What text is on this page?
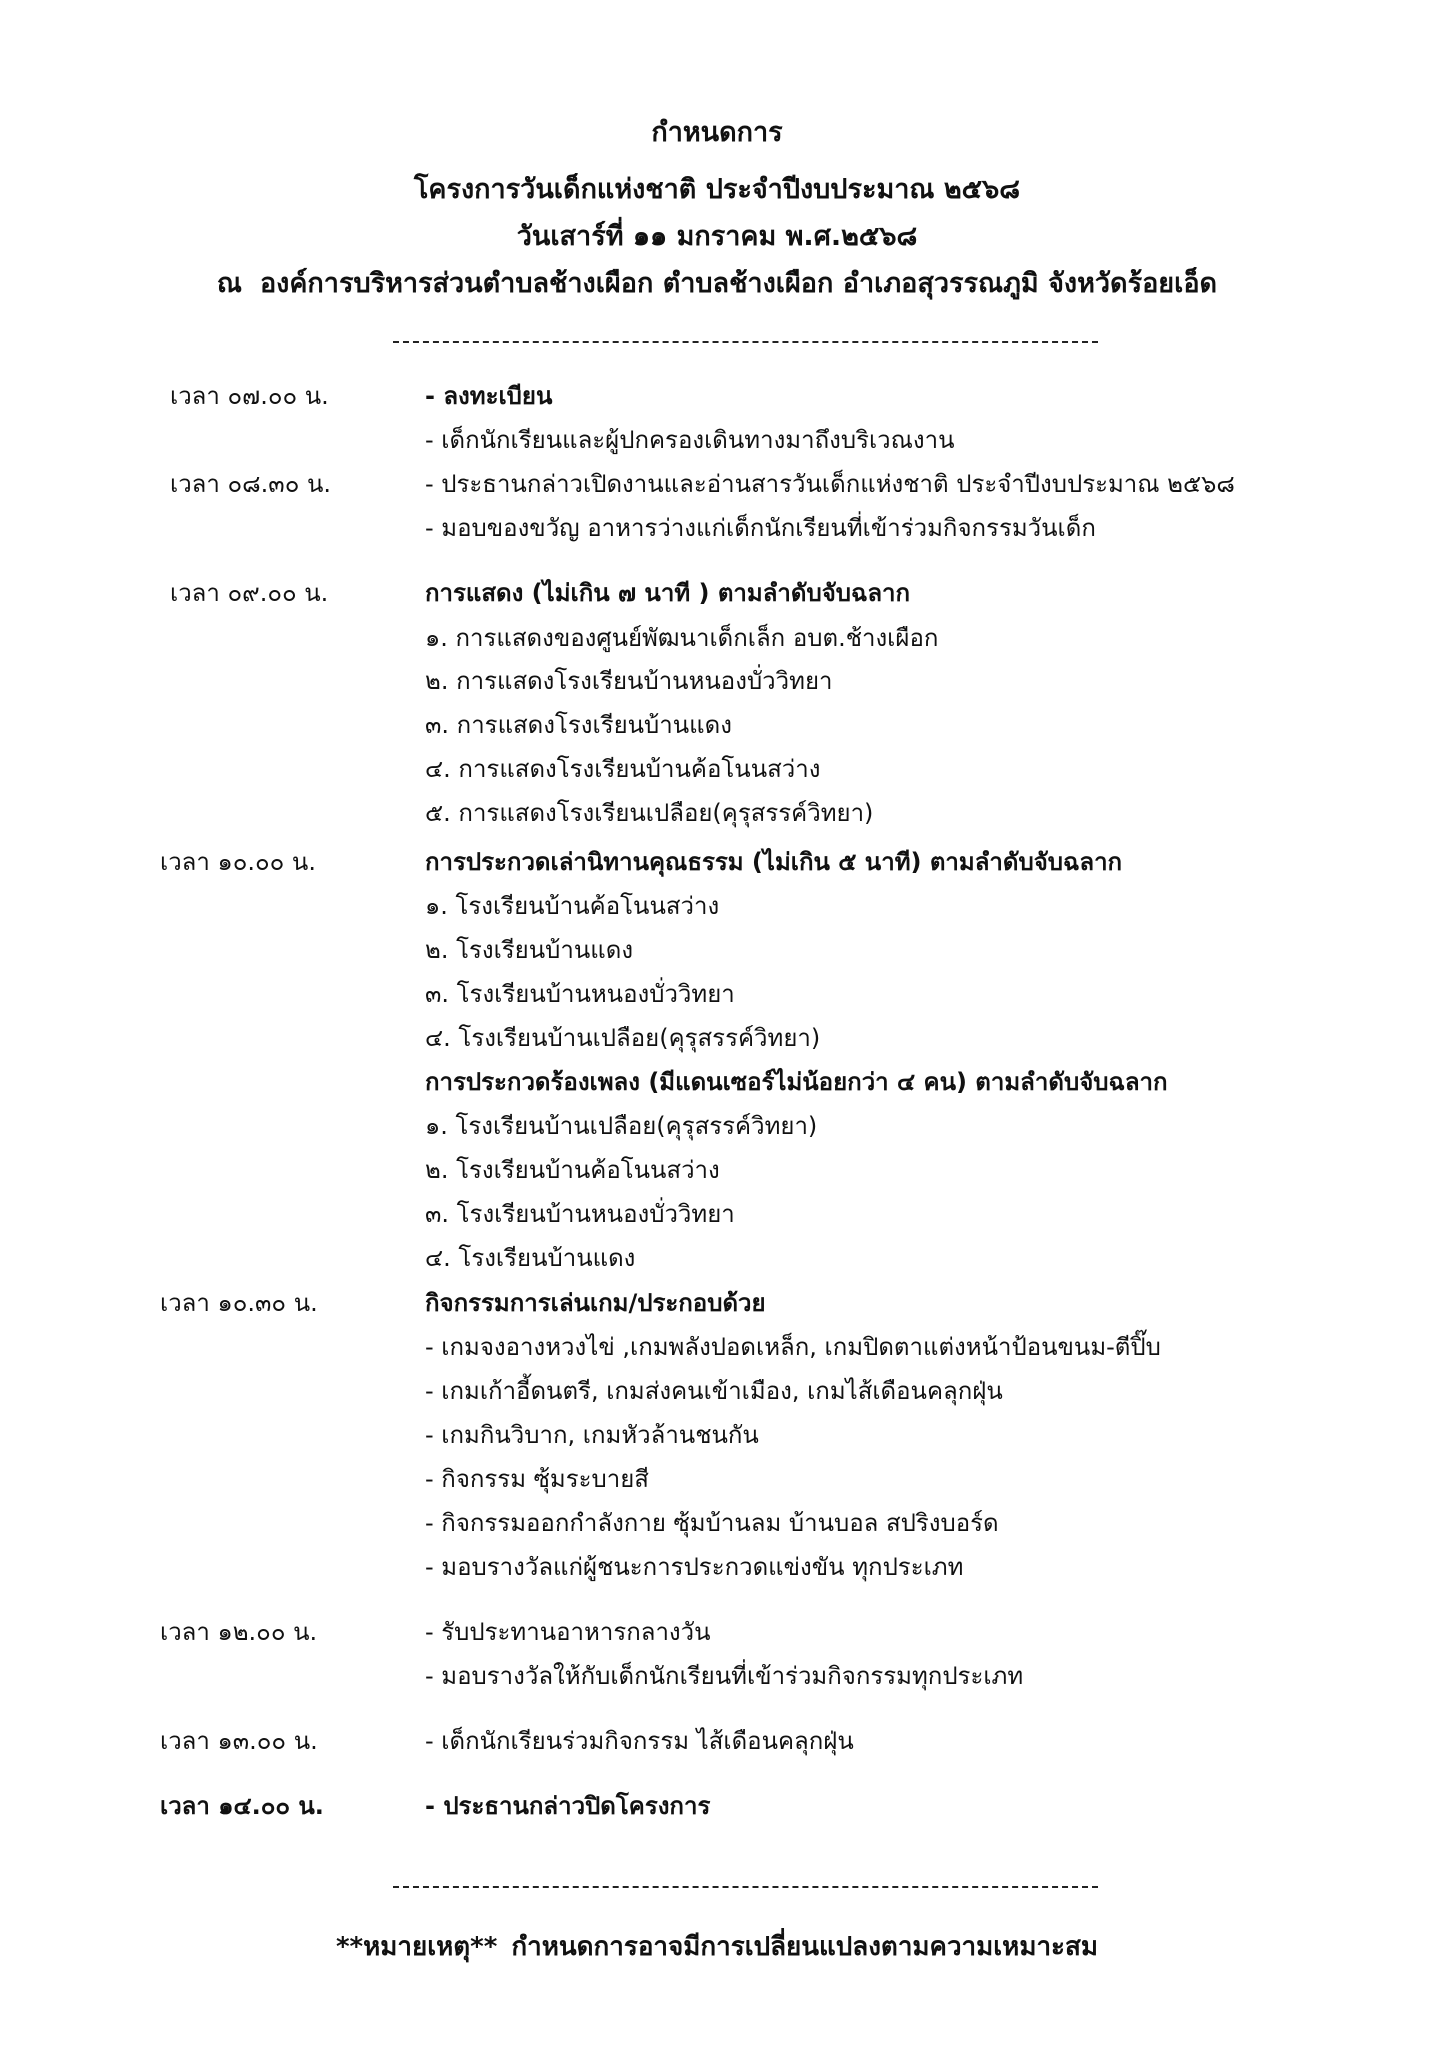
กำหนดการ
โครงการวันเด็กแห่งชาติ ประจำปีงบประมาณ ๒๕๖๘
วันเสาร์ที่ ๑๑ มกราคม พ.ศ.๒๕๖๘
ณ องค์การบริหารส่วนตำบลช้างเผือก ตำบลช้างเผือก อำเภอสุวรรณภูมิ จังหวัดร้อยเอ็ด
เวลา ๐๗.๐๐ น.	- ลงทะเบียน
- เด็กนักเรียนและผู้ปกครองเดินทางมาถึงบริเวณงาน
เวลา ๐๘.๓๐ น.	- ประธานกล่าวเปิดงานและอ่านสารวันเด็กแห่งชาติ ประจำปีงบประมาณ ๒๕๖๘
- มอบของขวัญ อาหารว่างแก่เด็กนักเรียนที่เข้าร่วมกิจกรรมวันเด็ก
เวลา ๐๙.๐๐ น.	การแสดง (ไม่เกิน ๗ นาที ) ตามลำดับจับฉลาก
๑. การแสดงของศูนย์พัฒนาเด็กเล็ก อบต.ช้างเผือก
๒. การแสดงโรงเรียนบ้านหนองบั่ววิทยา
๓. การแสดงโรงเรียนบ้านแดง
๔. การแสดงโรงเรียนบ้านค้อโนนสว่าง
๕. การแสดงโรงเรียนเปลือย(คุรุสรรค์วิทยา)
เวลา ๑๐.๐๐ น.	การประกวดเล่านิทานคุณธรรม (ไม่เกิน ๕ นาที) ตามลำดับจับฉลาก
๑. โรงเรียนบ้านค้อโนนสว่าง
๒. โรงเรียนบ้านแดง
๓. โรงเรียนบ้านหนองบั่ววิทยา
๔. โรงเรียนบ้านเปลือย(คุรุสรรค์วิทยา)
การประกวดร้องเพลง (มีแดนเซอร์ไม่น้อยกว่า ๔ คน) ตามลำดับจับฉลาก
๑. โรงเรียนบ้านเปลือย(คุรุสรรค์วิทยา)
๒. โรงเรียนบ้านค้อโนนสว่าง
๓. โรงเรียนบ้านหนองบั่ววิทยา
๔. โรงเรียนบ้านแดง
เวลา ๑๐.๓๐ น.	กิจกรรมการเล่นเกม/ประกอบด้วย
- เกมจงอางหวงไข่ ,เกมพลังปอดเหล็ก, เกมปิดตาแต่งหน้าป้อนขนม-ตีปิ๊บ
- เกมเก้าอี้ดนตรี, เกมส่งคนเข้าเมือง, เกมไส้เดือนคลุกฝุ่น
- เกมกินวิบาก, เกมหัวล้านชนกัน
- กิจกรรม ซุ้มระบายสี
- กิจกรรมออกกำลังกาย ซุ้มบ้านลม บ้านบอล สปริงบอร์ด
- มอบรางวัลแก่ผู้ชนะการประกวดแข่งขัน ทุกประเภท
เวลา ๑๒.๐๐ น.	- รับประทานอาหารกลางวัน
- มอบรางวัลให้กับเด็กนักเรียนที่เข้าร่วมกิจกรรมทุกประเภท
เวลา ๑๓.๐๐ น.	- เด็กนักเรียนร่วมกิจกรรม ไส้เดือนคลุกฝุ่น
เวลา ๑๔.๐๐ น.	- ประธานกล่าวปิดโครงการ
**หมายเหตุ** กำหนดการอาจมีการเปลี่ยนแปลงตามความเหมาะสม
